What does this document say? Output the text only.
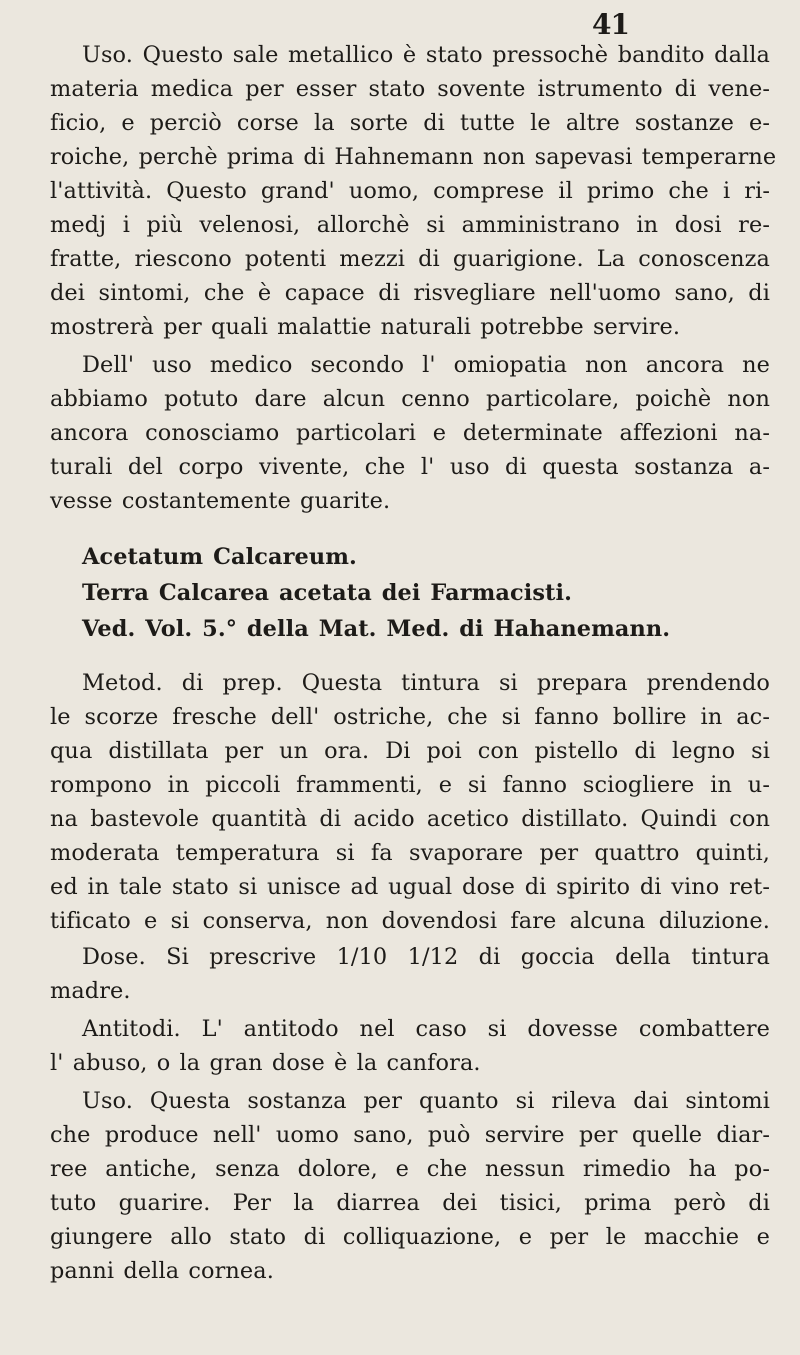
41
Uso. Questo sale metallico è stato pressochè bandito dalla
materia medica per esser stato sovente istrumento di vene-
ficio, e perciò corse la sorte di tutte le altre sostanze e-
roiche, perchè prima di Hahnemann non sapevasi temperarne
l'attività. Questo grand' uomo, comprese il primo che i ri-
medj i più velenosi, allorchè si amministrano in dosi re-
fratte, riescono potenti mezzi di guarigione. La conoscenza
dei sintomi, che è capace di risvegliare nell'uomo sano, di
mostrerà per quali malattie naturali potrebbe servire.
Dell' uso medico secondo l' omiopatia non ancora ne
abbiamo potuto dare alcun cenno particolare, poichè non
ancora conosciamo particolari e determinate affezioni na-
turali del corpo vivente, che l' uso di questa sostanza a-
vesse costantemente guarite.
Acetatum Calcareum.
Terra Calcarea acetata dei Farmacisti.
Ved. Vol. 5.° della Mat. Med. di Hahanemann.
Metod. di prep. Questa tintura si prepara prendendo
le scorze fresche dell' ostriche, che si fanno bollire in ac-
qua distillata per un ora. Di poi con pistello di legno si
rompono in piccoli frammenti, e si fanno sciogliere in u-
na bastevole quantità di acido acetico distillato. Quindi con
moderata temperatura si fa svaporare per quattro quinti,
ed in tale stato si unisce ad ugual dose di spirito di vino ret-
tificato e si conserva, non dovendosi fare alcuna diluzione.
Dose. Si prescrive 1/10 1/12 di goccia della tintura
madre.
Antitodi. L' antitodo nel caso si dovesse combattere
l' abuso, o la gran dose è la canfora.
Uso. Questa sostanza per quanto si rileva dai sintomi
che produce nell' uomo sano, può servire per quelle diar-
ree antiche, senza dolore, e che nessun rimedio ha po-
tuto guarire. Per la diarrea dei tisici, prima però di
giungere allo stato di colliquazione, e per le macchie e
panni della cornea.
